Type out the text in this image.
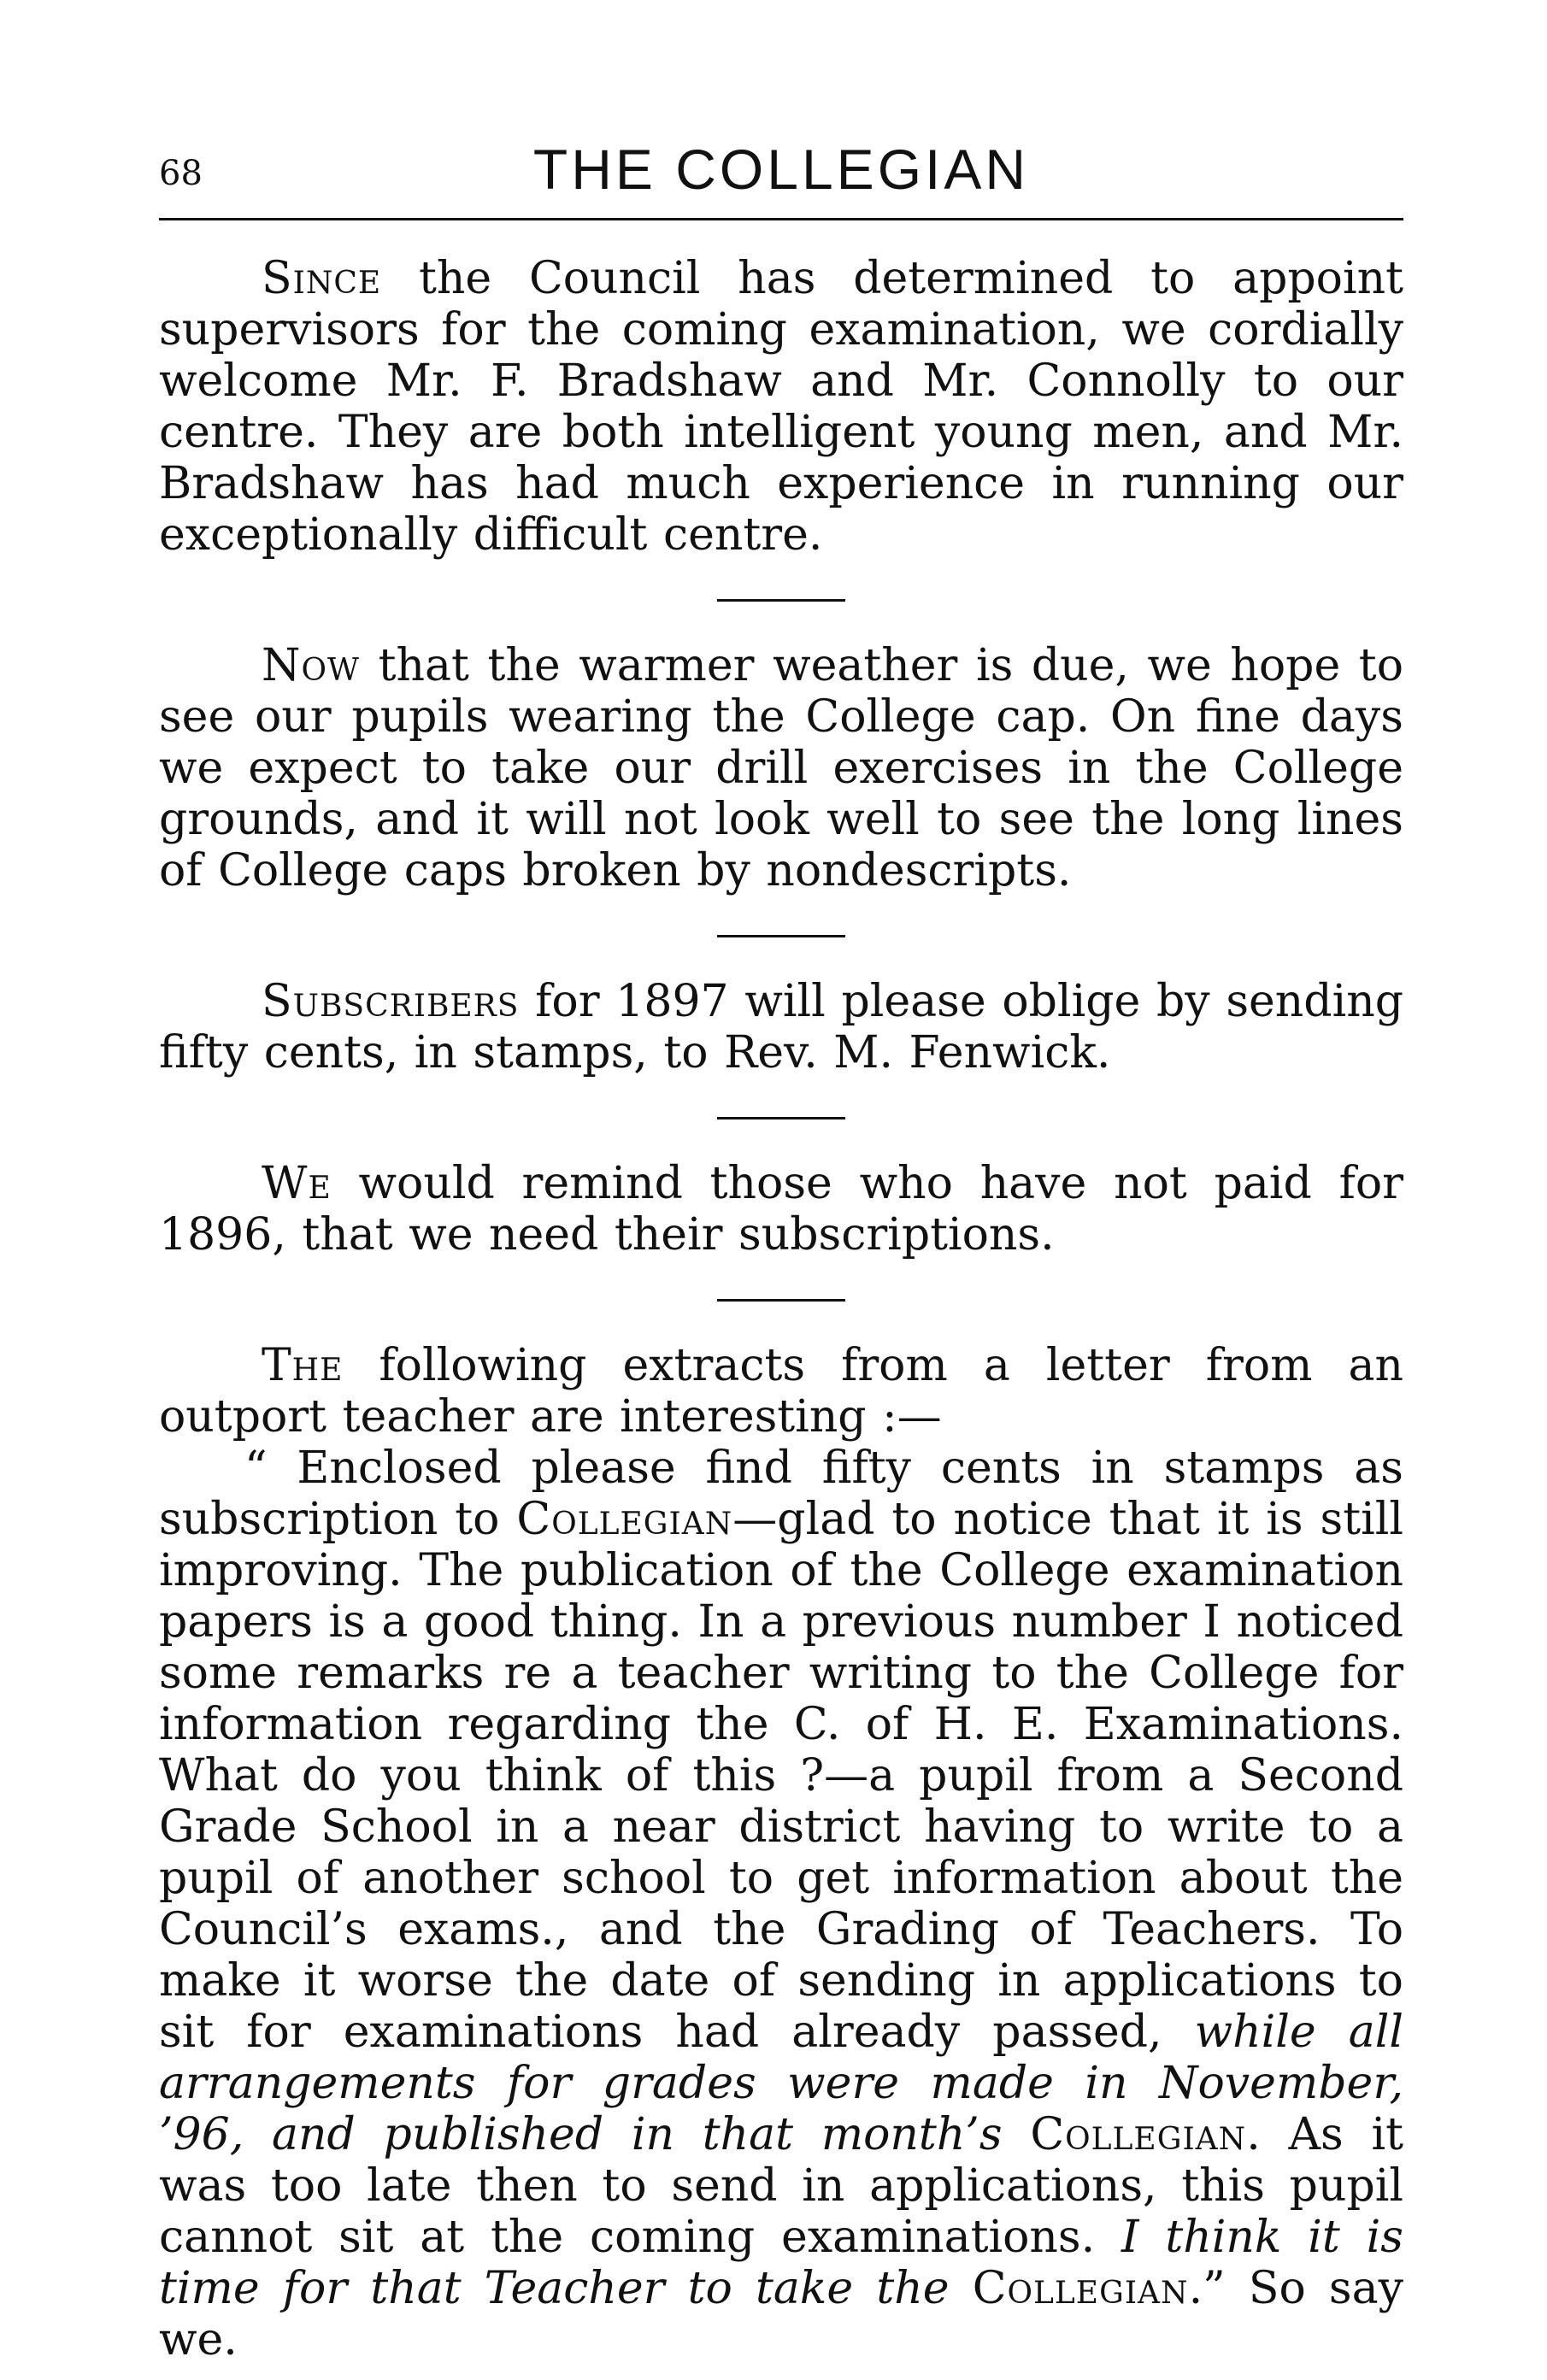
68	THE COLLEGIAN

Since the Council has determined to appoint supervisors for the coming examination, we cordially welcome Mr. F. Bradshaw and Mr. Connolly to our centre. They are both intelligent young men, and Mr. Bradshaw has had much experience in running our exceptionally difficult centre.

Now that the warmer weather is due, we hope to see our pupils wearing the College cap. On fine days we expect to take our drill exercises in the College grounds, and it will not look well to see the long lines of College caps broken by nondescripts.

Subscribers for 1897 will please oblige by sending fifty cents, in stamps, to Rev. M. Fenwick.

We would remind those who have not paid for 1896, that we need their subscriptions.

The following extracts from a letter from an outport teacher are interesting :—

“ Enclosed please find fifty cents in stamps as subscription to Collegian—glad to notice that it is still improving. The publication of the College examination papers is a good thing. In a previous number I noticed some remarks re a teacher writing to the College for information regarding the C. of H. E. Examinations. What do you think of this ?—a pupil from a Second Grade School in a near district having to write to a pupil of another school to get information about the Council’s exams., and the Grading of Teachers. To make it worse the date of sending in applications to sit for examinations had already passed, while all arrangements for grades were made in November, ’96, and published in that month’s Collegian. As it was too late then to send in applications, this pupil cannot sit at the coming examinations. I think it is time for that Teacher to take the Collegian.” So say we.
